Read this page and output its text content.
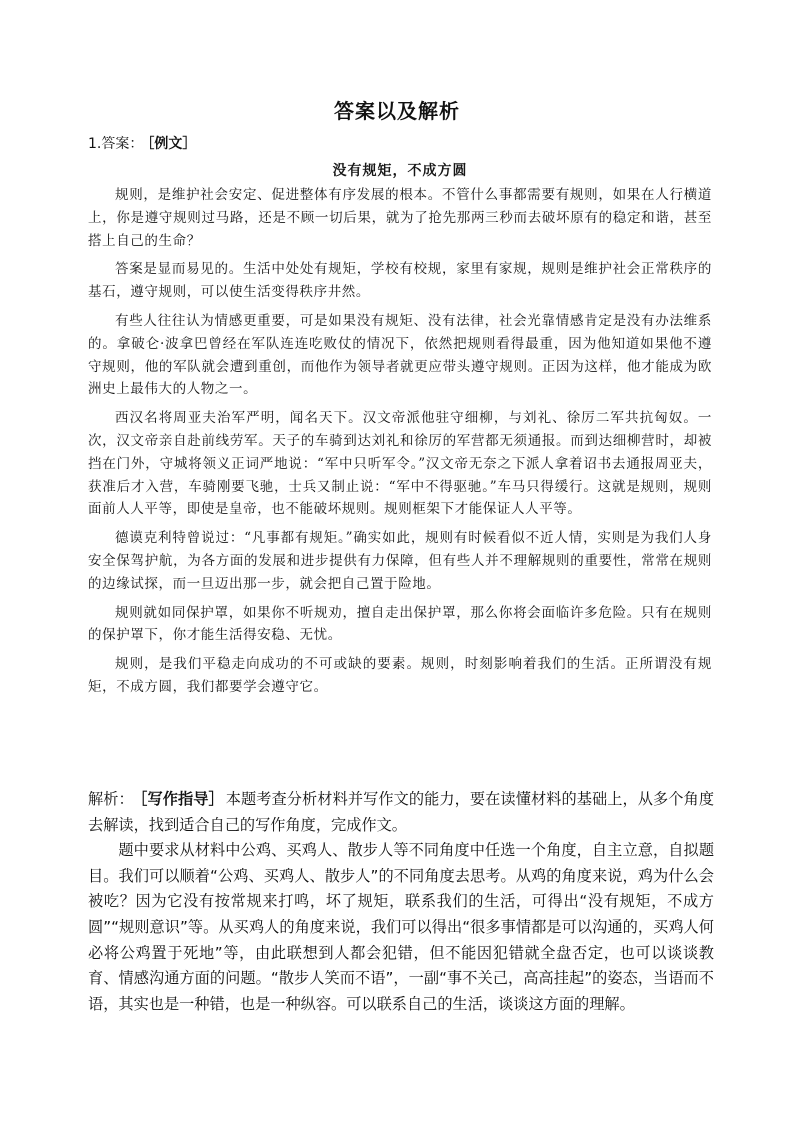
答案以及解析
1.答案： ［例文］

没有规矩，不成方圆

规则，是维护社会安定、促进整体有序发展的根本。不管什么事都需要有规则，如果在人行横道上，你是遵守规则过马路，还是不顾一切后果，就为了抢先那两三秒而去破坏原有的稳定和谐，甚至搭上自己的生命？

答案是显而易见的。生活中处处有规矩，学校有校规，家里有家规，规则是维护社会正常秩序的基石，遵守规则，可以使生活变得秩序井然。

有些人往往认为情感更重要，可是如果没有规矩、没有法律，社会光靠情感肯定是没有办法维系的。拿破仑·波拿巴曾经在军队连连吃败仗的情况下，依然把规则看得最重，因为他知道如果他不遵守规则，他的军队就会遭到重创，而他作为领导者就更应带头遵守规则。正因为这样，他才能成为欧洲史上最伟大的人物之一。

西汉名将周亚夫治军严明，闻名天下。汉文帝派他驻守细柳，与刘礼、徐厉二军共抗匈奴。一次，汉文帝亲自赴前线劳军。天子的车骑到达刘礼和徐厉的军营都无须通报。而到达细柳营时，却被挡在门外，守城将领义正词严地说：“军中只听军令。”汉文帝无奈之下派人拿着诏书去通报周亚夫，获准后才入营，车骑刚要飞驰，士兵又制止说：“军中不得驱驰。”车马只得缓行。这就是规则，规则面前人人平等，即使是皇帝，也不能破坏规则。规则框架下才能保证人人平等。

德谟克利特曾说过：“凡事都有规矩。”确实如此，规则有时候看似不近人情，实则是为我们人身安全保驾护航，为各方面的发展和进步提供有力保障，但有些人并不理解规则的重要性，常常在规则的边缘试探，而一旦迈出那一步，就会把自己置于险地。

规则就如同保护罩，如果你不听规劝，擅自走出保护罩，那么你将会面临许多危险。只有在规则的保护罩下，你才能生活得安稳、无忧。

规则，是我们平稳走向成功的不可或缺的要素。规则，时刻影响着我们的生活。正所谓没有规矩，不成方圆，我们都要学会遵守它。

解析： ［写作指导］ 本题考查分析材料并写作文的能力，要在读懂材料的基础上，从多个角度去解读，找到适合自己的写作角度，完成作文。

题中要求从材料中公鸡、买鸡人、散步人等不同角度中任选一个角度，自主立意，自拟题目。我们可以顺着“公鸡、买鸡人、散步人”的不同角度去思考。从鸡的角度来说，鸡为什么会被吃？因为它没有按常规来打鸣，坏了规矩，联系我们的生活，可得出“没有规矩，不成方圆”“规则意识”等。从买鸡人的角度来说，我们可以得出“很多事情都是可以沟通的，买鸡人何必将公鸡置于死地”等，由此联想到人都会犯错，但不能因犯错就全盘否定，也可以谈谈教育、情感沟通方面的问题。“散步人笑而不语”，一副“事不关己，高高挂起”的姿态，当语而不语，其实也是一种错，也是一种纵容。可以联系自己的生活，谈谈这方面的理解。
